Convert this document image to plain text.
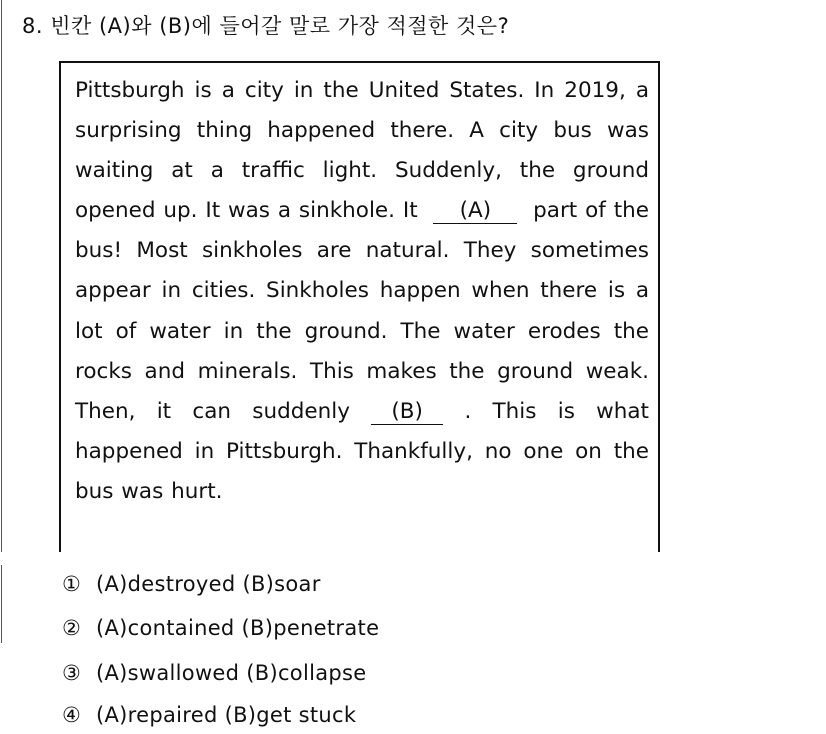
8. 빈칸 (A)와 (B)에 들어갈 말로 가장 적절한 것은?
Pittsburgh is a city in the United States. In 2019, a surprising thing happened there. A city bus was waiting at a traffic light. Suddenly, the ground opened up. It was a sinkhole. It (A) part of the bus! Most sinkholes are natural. They sometimes appear in cities. Sinkholes happen when there is a lot of water in the ground. The water erodes the rocks and minerals. This makes the ground weak. Then, it can suddenly (B) . This is what happened in Pittsburgh. Thankfully, no one on the bus was hurt.
① (A)destroyed (B)soar
② (A)contained (B)penetrate
③ (A)swallowed (B)collapse
④ (A)repaired (B)get stuck
